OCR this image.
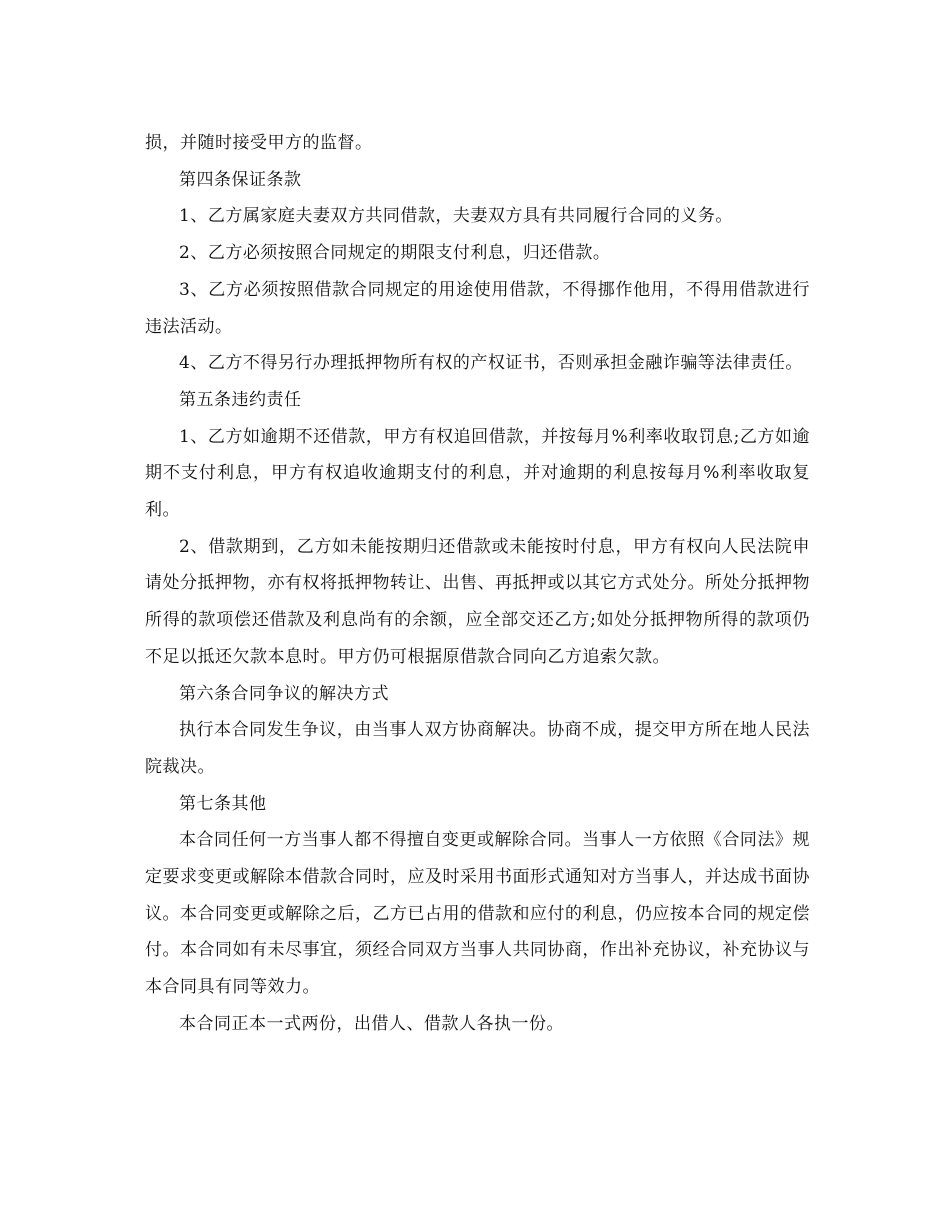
损，并随时接受甲方的监督。

第四条保证条款

1、乙方属家庭夫妻双方共同借款，夫妻双方具有共同履行合同的义务。

2、乙方必须按照合同规定的期限支付利息，归还借款。

3、乙方必须按照借款合同规定的用途使用借款，不得挪作他用，不得用借款进行违法活动。

4、乙方不得另行办理抵押物所有权的产权证书，否则承担金融诈骗等法律责任。

第五条违约责任

1、乙方如逾期不还借款，甲方有权追回借款，并按每月%利率收取罚息;乙方如逾期不支付利息，甲方有权追收逾期支付的利息，并对逾期的利息按每月%利率收取复利。

2、借款期到，乙方如未能按期归还借款或未能按时付息，甲方有权向人民法院申请处分抵押物，亦有权将抵押物转让、出售、再抵押或以其它方式处分。所处分抵押物所得的款项偿还借款及利息尚有的余额，应全部交还乙方;如处分抵押物所得的款项仍不足以抵还欠款本息时。甲方仍可根据原借款合同向乙方追索欠款。

第六条合同争议的解决方式

执行本合同发生争议，由当事人双方协商解决。协商不成，提交甲方所在地人民法院裁决。

第七条其他

本合同任何一方当事人都不得擅自变更或解除合同。当事人一方依照《合同法》规定要求变更或解除本借款合同时，应及时采用书面形式通知对方当事人，并达成书面协议。本合同变更或解除之后，乙方已占用的借款和应付的利息，仍应按本合同的规定偿付。本合同如有未尽事宜，须经合同双方当事人共同协商，作出补充协议，补充协议与本合同具有同等效力。

本合同正本一式两份，出借人、借款人各执一份。
